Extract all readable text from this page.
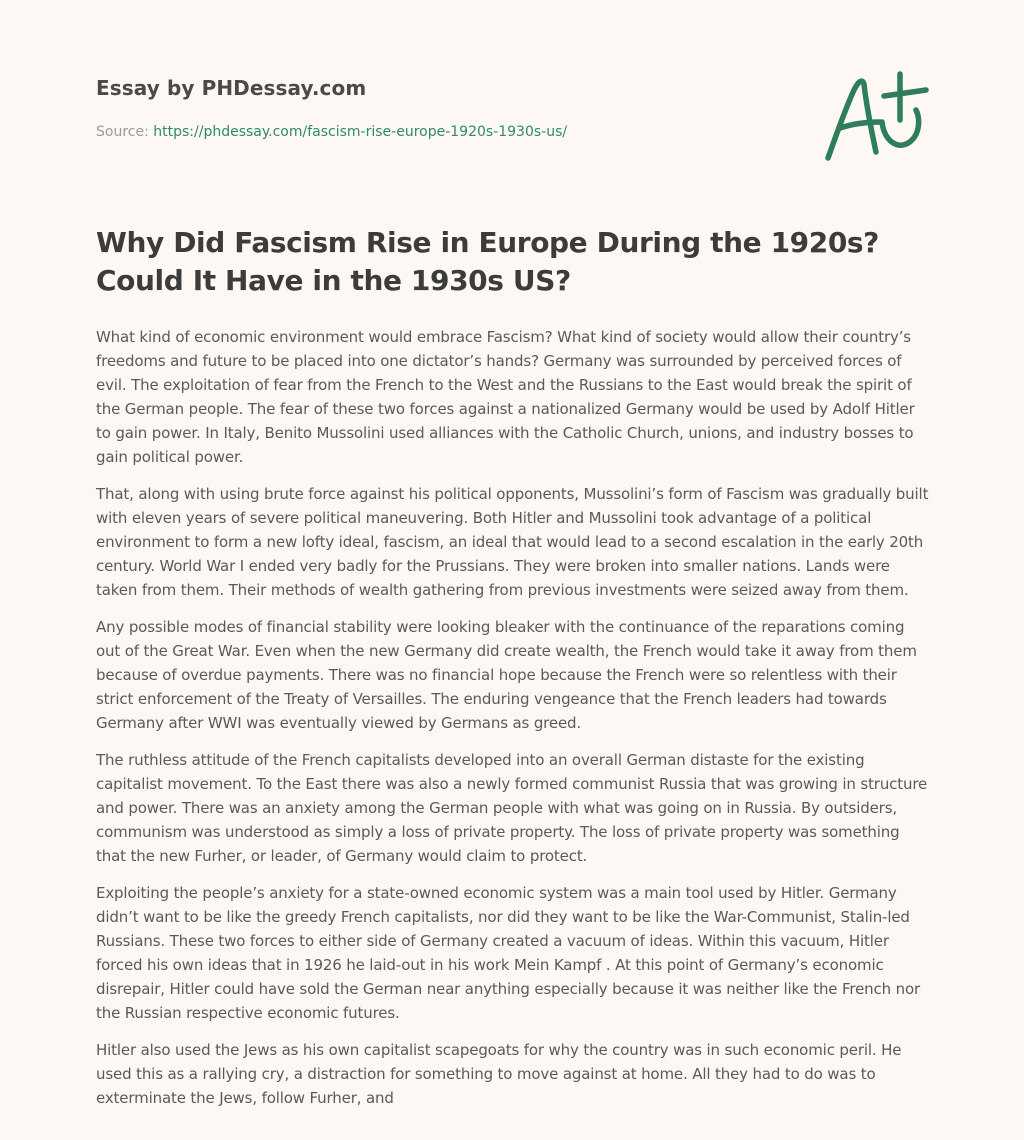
Essay by PHDessay.com

Source: https://phdessay.com/fascism-rise-europe-1920s-1930s-us/
Why Did Fascism Rise in Europe During the 1920s? Could It Have in the 1930s US?

What kind of economic environment would embrace Fascism? What kind of society would allow their country’s freedoms and future to be placed into one dictator’s hands? Germany was surrounded by perceived forces of evil. The exploitation of fear from the French to the West and the Russians to the East would break the spirit of the German people. The fear of these two forces against a nationalized Germany would be used by Adolf Hitler to gain power. In Italy, Benito Mussolini used alliances with the Catholic Church, unions, and industry bosses to gain political power.

That, along with using brute force against his political opponents, Mussolini’s form of Fascism was gradually built with eleven years of severe political maneuvering. Both Hitler and Mussolini took advantage of a political environment to form a new lofty ideal, fascism, an ideal that would lead to a second escalation in the early 20th century. World War I ended very badly for the Prussians. They were broken into smaller nations. Lands were taken from them. Their methods of wealth gathering from previous investments were seized away from them.

Any possible modes of financial stability were looking bleaker with the continuance of the reparations coming out of the Great War. Even when the new Germany did create wealth, the French would take it away from them because of overdue payments. There was no financial hope because the French were so relentless with their strict enforcement of the Treaty of Versailles. The enduring vengeance that the French leaders had towards Germany after WWI was eventually viewed by Germans as greed.

The ruthless attitude of the French capitalists developed into an overall German distaste for the existing capitalist movement. To the East there was also a newly formed communist Russia that was growing in structure and power. There was an anxiety among the German people with what was going on in Russia. By outsiders, communism was understood as simply a loss of private property. The loss of private property was something that the new Furher, or leader, of Germany would claim to protect.

Exploiting the people’s anxiety for a state-owned economic system was a main tool used by Hitler. Germany didn’t want to be like the greedy French capitalists, nor did they want to be like the War-Communist, Stalin-led Russians. These two forces to either side of Germany created a vacuum of ideas. Within this vacuum, Hitler forced his own ideas that in 1926 he laid-out in his work Mein Kampf . At this point of Germany’s economic disrepair, Hitler could have sold the German near anything especially because it was neither like the French nor the Russian respective economic futures.

Hitler also used the Jews as his own capitalist scapegoats for why the country was in such economic peril. He used this as a rallying cry, a distraction for something to move against at home. All they had to do was to exterminate the Jews, follow Furher, and
